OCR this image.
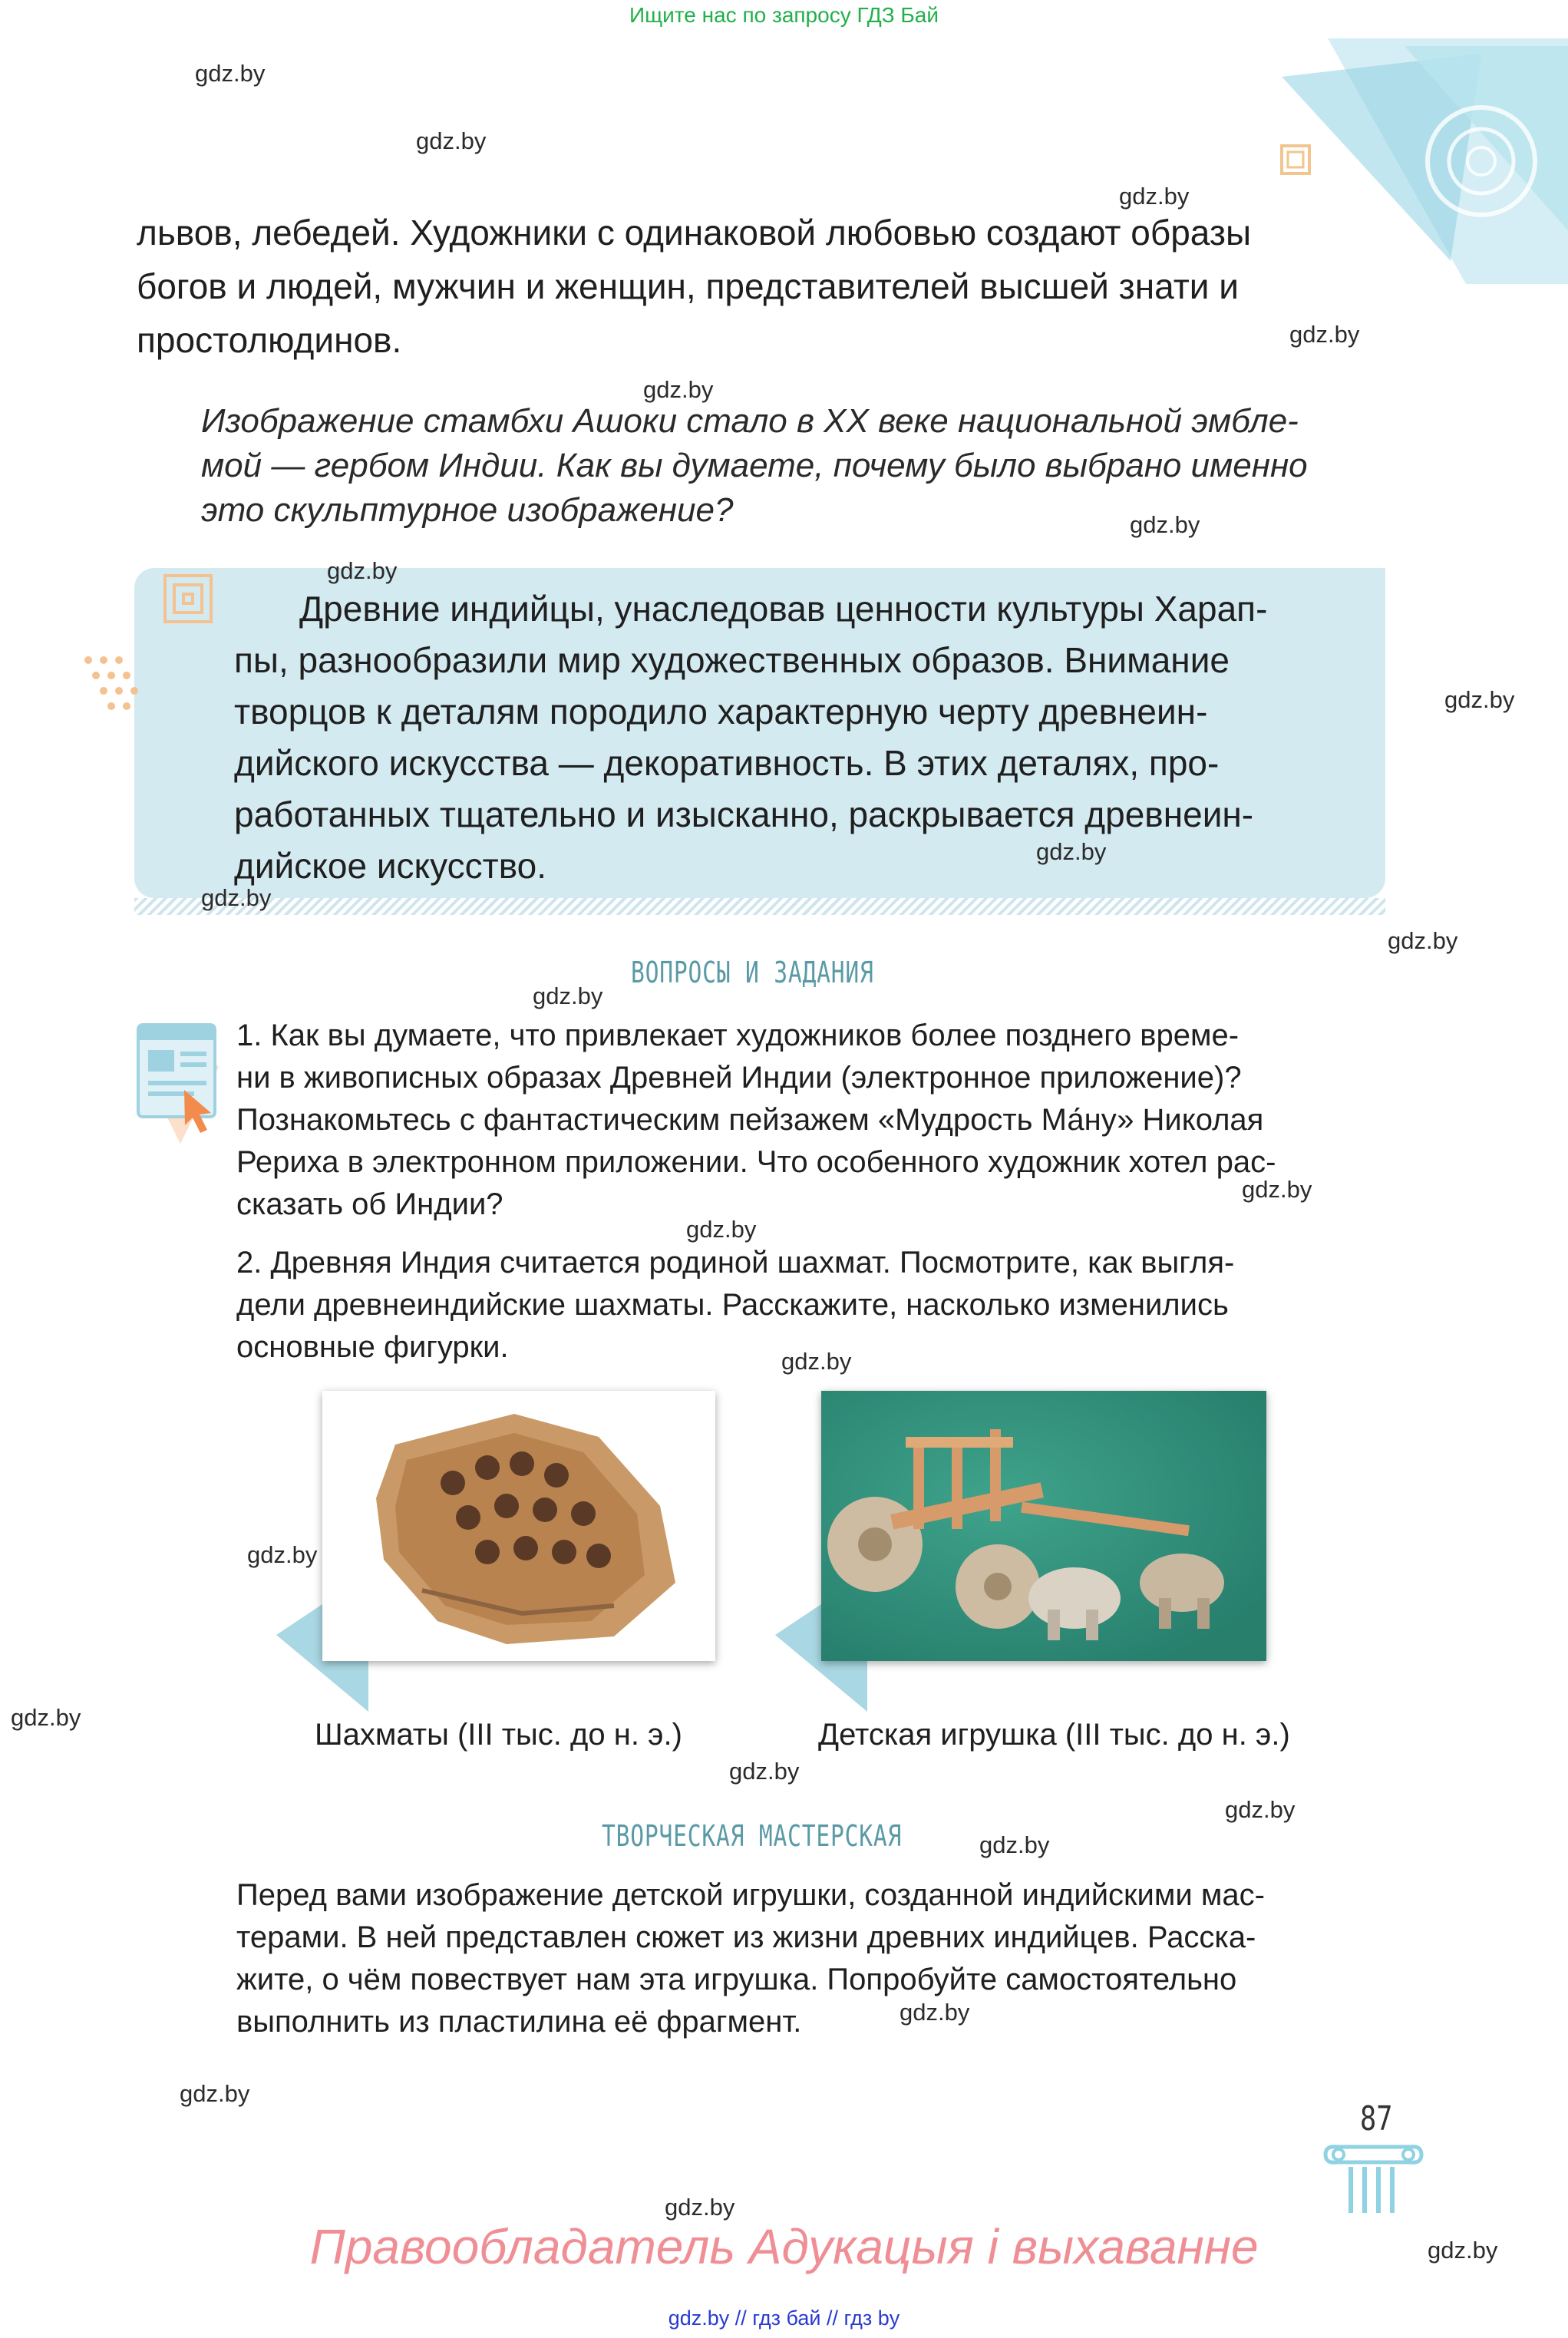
Ищите нас по запросу ГДЗ Бай
львов, лебедей. Художники с одинаковой любовью создают образы
богов и людей, мужчин и женщин, представителей высшей знати и
простолюдинов.
Изображение стамбхи Ашоки стало в XX веке национальной эмбле-
мой — гербом Индии. Как вы думаете, почему было выбрано именно
это скульптурное изображение?
Древние индийцы, унаследовав ценности культуры Харап-
пы, разнообразили мир художественных образов. Внимание
творцов к деталям породило характерную черту древнеин-
дийского искусства — декоративность. В этих деталях, про-
работанных тщательно и изысканно, раскрывается древнеин-
дийское искусство.
ВОПРОСЫ И ЗАДАНИЯ
1. Как вы думаете, что привлекает художников более позднего време-
ни в живописных образах Древней Индии (электронное приложение)?
Познакомьтесь с фантастическим пейзажем «Мудрость Ма́ну» Николая
Рериха в электронном приложении. Что особенного художник хотел рас-
сказать об Индии?
2. Древняя Индия считается родиной шахмат. Посмотрите, как выгля-
дели древнеиндийские шахматы. Расскажите, насколько изменились
основные фигурки.
Шахматы (III тыс. до н. э.)	Детская игрушка (III тыс. до н. э.)
ТВОРЧЕСКАЯ МАСТЕРСКАЯ
Перед вами изображение детской игрушки, созданной индийскими мас-
терами. В ней представлен сюжет из жизни древних индийцев. Расска-
жите, о чём повествует нам эта игрушка. Попробуйте самостоятельно
выполнить из пластилина её фрагмент.
87
Правообладатель Адукацыя і выхаванне
gdz.by // гдз бай // гдз by
gdz.by
gdz.by
gdz.by
gdz.by
gdz.by
gdz.by
gdz.by
gdz.by
gdz.by
gdz.by
gdz.by
gdz.by
gdz.by
gdz.by
gdz.by
gdz.by
gdz.by
gdz.by
gdz.by
gdz.by
gdz.by
gdz.by
gdz.by
gdz.by
